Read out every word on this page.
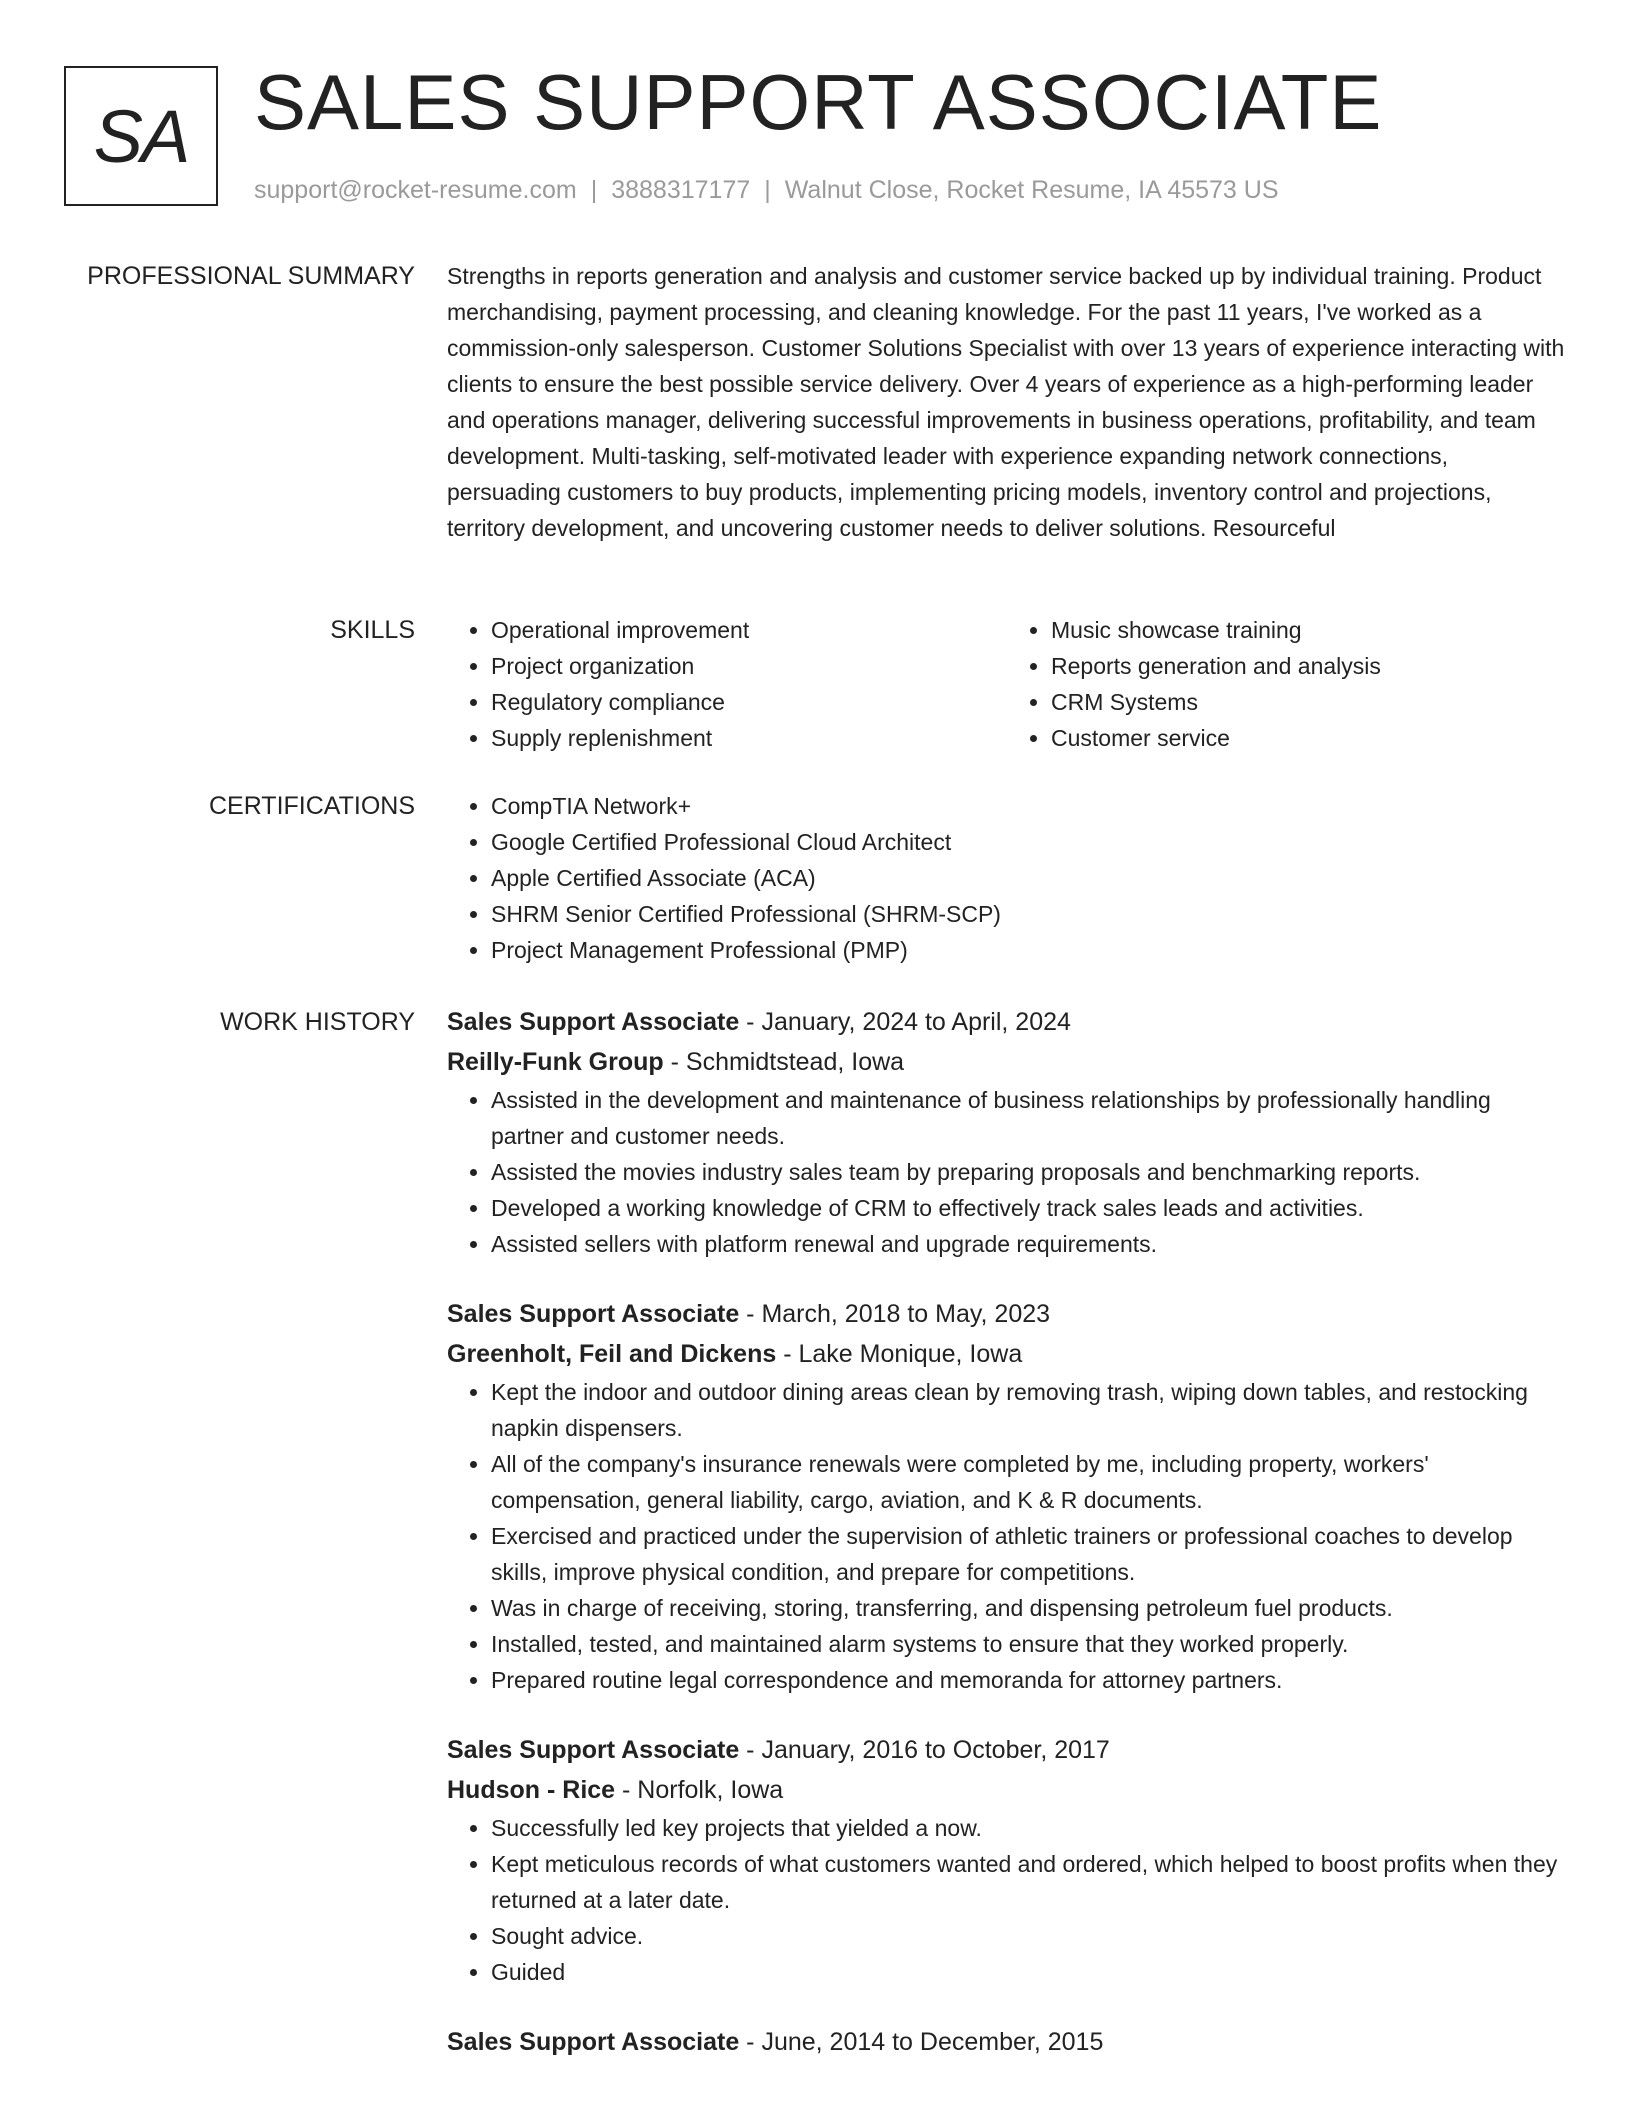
SA SALES SUPPORT ASSOCIATE
support@rocket-resume.com | 3888317177 | Walnut Close, Rocket Resume, IA 45573 US
PROFESSIONAL SUMMARY Strengths in reports generation and analysis and customer service backed up by individual training. Product merchandising, payment processing, and cleaning knowledge. For the past 11 years, I've worked as a commission-only salesperson. Customer Solutions Specialist with over 13 years of experience interacting with clients to ensure the best possible service delivery. Over 4 years of experience as a high-performing leader and operations manager, delivering successful improvements in business operations, profitability, and team development. Multi-tasking, self-motivated leader with experience expanding network connections, persuading customers to buy products, implementing pricing models, inventory control and projections, territory development, and uncovering customer needs to deliver solutions. Resourceful
SKILLS	• Operational improvement
• Project organization
• Regulatory compliance
• Supply replenishment
• Music showcase training
• Reports generation and analysis
• CRM Systems
• Customer service
CERTIFICATIONS	• CompTIA Network+
• Google Certified Professional Cloud Architect
• Apple Certified Associate (ACA)
• SHRM Senior Certified Professional (SHRM-SCP)
• Project Management Professional (PMP)
WORK HISTORY Sales Support Associate - January, 2024 to April, 2024
Reilly-Funk Group - Schmidtstead, Iowa
• Assisted in the development and maintenance of business relationships by professionally handling partner and customer needs.
• Assisted the movies industry sales team by preparing proposals and benchmarking reports.
• Developed a working knowledge of CRM to effectively track sales leads and activities.
• Assisted sellers with platform renewal and upgrade requirements.
Sales Support Associate - March, 2018 to May, 2023
Greenholt, Feil and Dickens - Lake Monique, Iowa
• Kept the indoor and outdoor dining areas clean by removing trash, wiping down tables, and restocking napkin dispensers.
• All of the company's insurance renewals were completed by me, including property, workers' compensation, general liability, cargo, aviation, and K & R documents.
• Exercised and practiced under the supervision of athletic trainers or professional coaches to develop skills, improve physical condition, and prepare for competitions.
• Was in charge of receiving, storing, transferring, and dispensing petroleum fuel products.
• Installed, tested, and maintained alarm systems to ensure that they worked properly.
• Prepared routine legal correspondence and memoranda for attorney partners.
Sales Support Associate - January, 2016 to October, 2017
Hudson - Rice - Norfolk, Iowa
• Successfully led key projects that yielded a now.
• Kept meticulous records of what customers wanted and ordered, which helped to boost profits when they returned at a later date.
• Sought advice.
• Guided
Sales Support Associate - June, 2014 to December, 2015
